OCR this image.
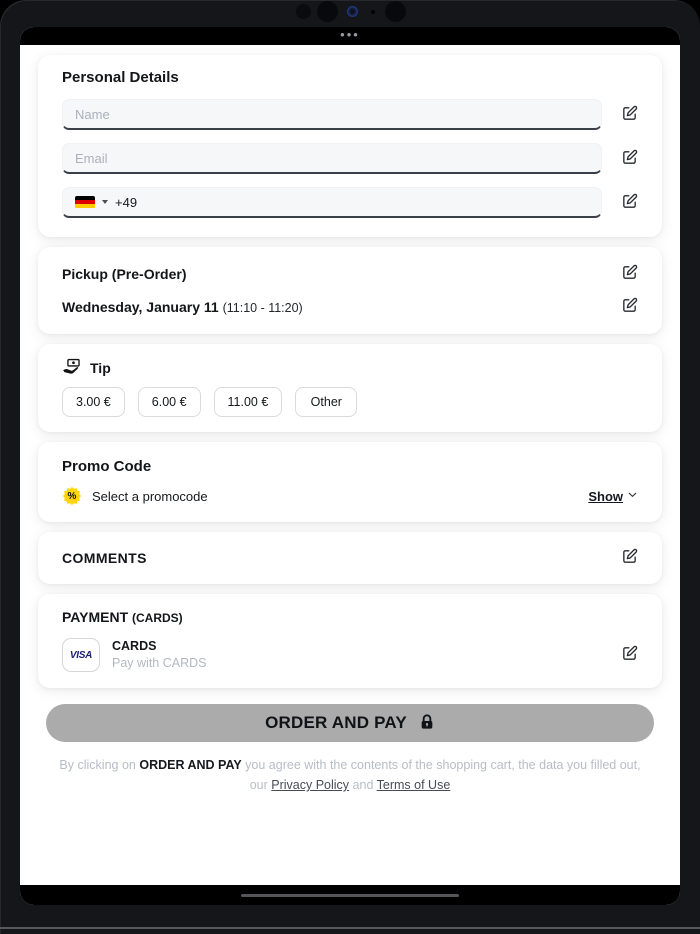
•••
Personal Details
Name
Email
+49
Pickup (Pre-Order)
Wednesday, January 11 (11:10 - 11:20)
Tip
3.00 €	6.00 €	11.00 €	Other
Promo Code
%	Select a promocode	Show
COMMENTS
PAYMENT (CARDS)
VISA
CARDS
Pay with CARDS
ORDER AND PAY

By clicking on ORDER AND PAY you agree with the contents of the shopping cart, the data you filled out, our Privacy Policy and Terms of Use
